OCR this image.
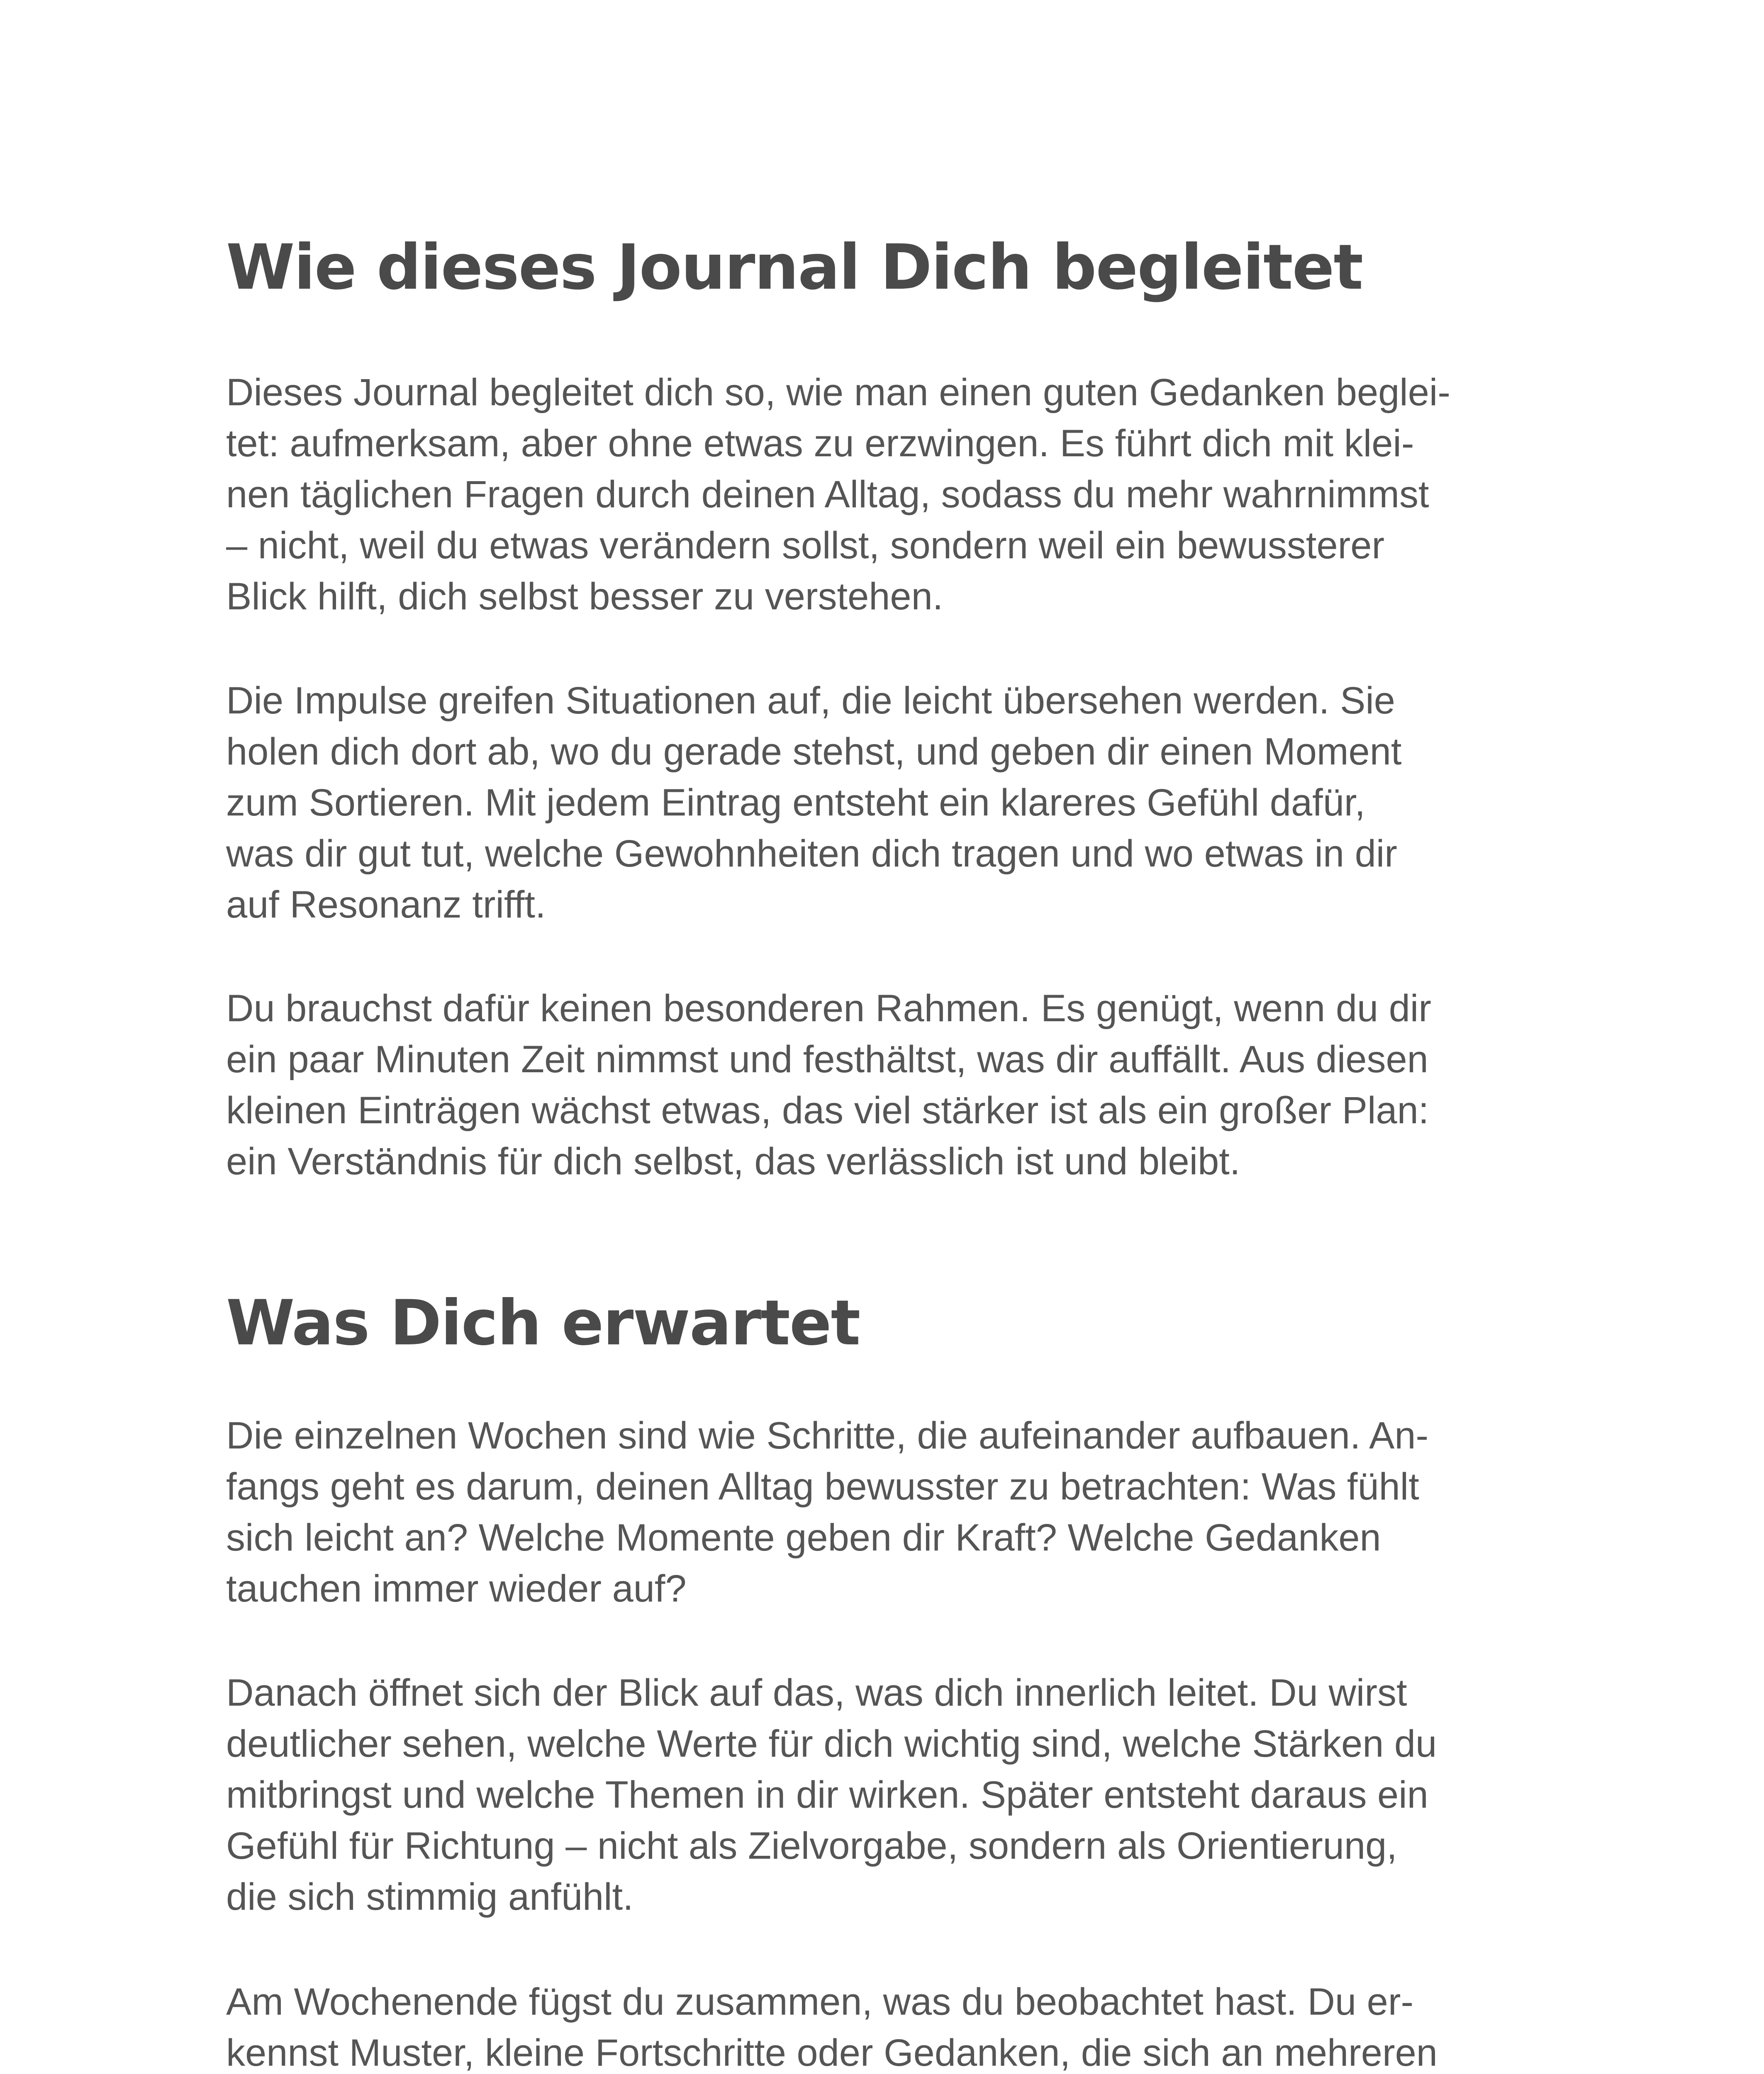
Wie dieses Journal Dich begleitet

Dieses Journal begleitet dich so, wie man einen guten Gedanken beglei-
tet: aufmerksam, aber ohne etwas zu erzwingen. Es führt dich mit klei-
nen täglichen Fragen durch deinen Alltag, sodass du mehr wahrnimmst
– nicht, weil du etwas verändern sollst, sondern weil ein bewussterer
Blick hilft, dich selbst besser zu verstehen.

Die Impulse greifen Situationen auf, die leicht übersehen werden. Sie
holen dich dort ab, wo du gerade stehst, und geben dir einen Moment
zum Sortieren. Mit jedem Eintrag entsteht ein klareres Gefühl dafür,
was dir gut tut, welche Gewohnheiten dich tragen und wo etwas in dir
auf Resonanz trifft.

Du brauchst dafür keinen besonderen Rahmen. Es genügt, wenn du dir
ein paar Minuten Zeit nimmst und festhältst, was dir auffällt. Aus diesen
kleinen Einträgen wächst etwas, das viel stärker ist als ein großer Plan:
ein Verständnis für dich selbst, das verlässlich ist und bleibt.

Was Dich erwartet

Die einzelnen Wochen sind wie Schritte, die aufeinander aufbauen. An-
fangs geht es darum, deinen Alltag bewusster zu betrachten: Was fühlt
sich leicht an? Welche Momente geben dir Kraft? Welche Gedanken
tauchen immer wieder auf?

Danach öffnet sich der Blick auf das, was dich innerlich leitet. Du wirst
deutlicher sehen, welche Werte für dich wichtig sind, welche Stärken du
mitbringst und welche Themen in dir wirken. Später entsteht daraus ein
Gefühl für Richtung – nicht als Zielvorgabe, sondern als Orientierung,
die sich stimmig anfühlt.

Am Wochenende fügst du zusammen, was du beobachtet hast. Du er-
kennst Muster, kleine Fortschritte oder Gedanken, die sich an mehreren
